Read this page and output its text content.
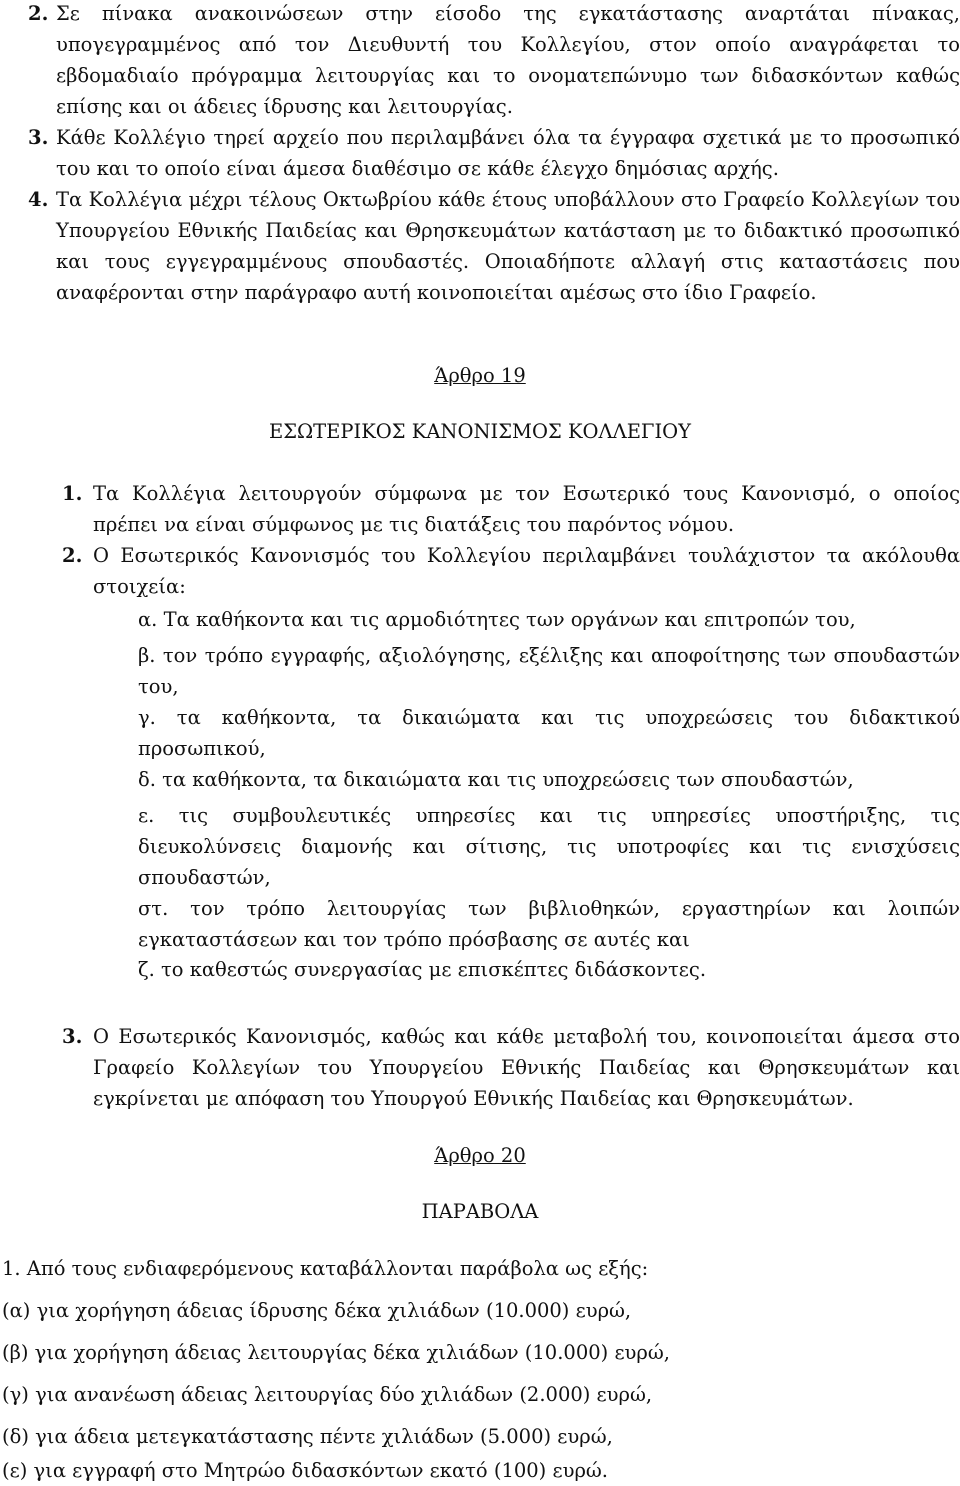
2. Σε πίνακα ανακοινώσεων στην είσοδο της εγκατάστασης αναρτάται πίνακας, υπογεγραμμένος από τον Διευθυντή του Κολλεγίου, στον οποίο αναγράφεται το εβδομαδιαίο πρόγραμμα λειτουργίας και το ονοματεπώνυμο των διδασκόντων καθώς επίσης και οι άδειες ίδρυσης και λειτουργίας.
3. Κάθε Κολλέγιο τηρεί αρχείο που περιλαμβάνει όλα τα έγγραφα σχετικά με το προσωπικό του και το οποίο είναι άμεσα διαθέσιμο σε κάθε έλεγχο δημόσιας αρχής.
4. Τα Κολλέγια μέχρι τέλους Οκτωβρίου κάθε έτους υποβάλλουν στο Γραφείο Κολλεγίων του Υπουργείου Εθνικής Παιδείας και Θρησκευμάτων κατάσταση με το διδακτικό προσωπικό και τους εγγεγραμμένους σπουδαστές. Οποιαδήποτε αλλαγή στις καταστάσεις που αναφέρονται στην παράγραφο αυτή κοινοποιείται αμέσως στο ίδιο Γραφείο.
Άρθρο 19
ΕΣΩΤΕΡΙΚΟΣ ΚΑΝΟΝΙΣΜΟΣ ΚΟΛΛΕΓΙΟΥ
1. Τα Κολλέγια λειτουργούν σύμφωνα με τον Εσωτερικό τους Κανονισμό, ο οποίος πρέπει να είναι σύμφωνος με τις διατάξεις του παρόντος νόμου.
2. Ο Εσωτερικός Κανονισμός του Κολλεγίου περιλαμβάνει τουλάχιστον τα ακόλουθα στοιχεία:
α. Τα καθήκοντα και τις αρμοδιότητες των οργάνων και επιτροπών του,
β. τον τρόπο εγγραφής, αξιολόγησης, εξέλιξης και αποφοίτησης των σπουδαστών του,
γ. τα καθήκοντα, τα δικαιώματα και τις υποχρεώσεις του διδακτικού προσωπικού,
δ. τα καθήκοντα, τα δικαιώματα και τις υποχρεώσεις των σπουδαστών,
ε. τις συμβουλευτικές υπηρεσίες και τις υπηρεσίες υποστήριξης, τις διευκολύνσεις διαμονής και σίτισης, τις υποτροφίες και τις ενισχύσεις σπουδαστών,
στ. τον τρόπο λειτουργίας των βιβλιοθηκών, εργαστηρίων και λοιπών εγκαταστάσεων και τον τρόπο πρόσβασης σε αυτές και
ζ. το καθεστώς συνεργασίας με επισκέπτες διδάσκοντες.
3. Ο Εσωτερικός Κανονισμός, καθώς και κάθε μεταβολή του, κοινοποιείται άμεσα στο Γραφείο Κολλεγίων του Υπουργείου Εθνικής Παιδείας και Θρησκευμάτων και εγκρίνεται με απόφαση του Υπουργού Εθνικής Παιδείας και Θρησκευμάτων.
Άρθρο 20
ΠΑΡΑΒΟΛΑ
1. Από τους ενδιαφερόμενους καταβάλλονται παράβολα ως εξής:
(α) για χορήγηση άδειας ίδρυσης δέκα χιλιάδων (10.000) ευρώ,
(β) για χορήγηση άδειας λειτουργίας δέκα χιλιάδων (10.000) ευρώ,
(γ) για ανανέωση άδειας λειτουργίας δύο χιλιάδων (2.000) ευρώ,
(δ) για άδεια μετεγκατάστασης πέντε χιλιάδων (5.000) ευρώ,
(ε) για εγγραφή στο Μητρώο διδασκόντων εκατό (100) ευρώ.
